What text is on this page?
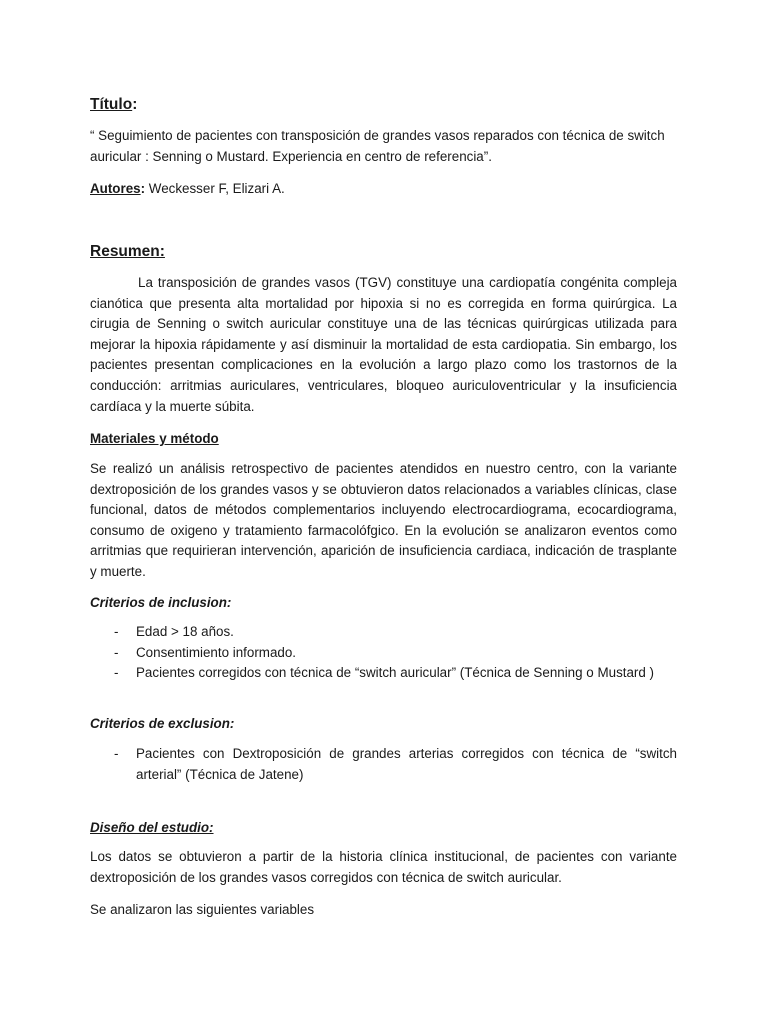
Título:
“ Seguimiento de pacientes con transposición de grandes vasos reparados con técnica de switch auricular : Senning o Mustard. Experiencia en centro de referencia”.
Autores: Weckesser F, Elizari A.
Resumen:

La transposición de grandes vasos (TGV) constituye una cardiopatía congénita compleja cianótica que presenta alta mortalidad por hipoxia si no es corregida en forma quirúrgica. La cirugia de Senning o switch auricular constituye una de las técnicas quirúrgicas utilizada para mejorar la hipoxia rápidamente y así disminuir la mortalidad de esta cardiopatia. Sin embargo, los pacientes presentan complicaciones en la evolución a largo plazo como los trastornos de la conducción: arritmias auriculares, ventriculares, bloqueo auriculoventricular y la insuficiencia cardíaca y la muerte súbita.

Materiales y método

Se realizó un análisis retrospectivo de pacientes atendidos en nuestro centro, con la variante dextroposición de los grandes vasos y se obtuvieron datos relacionados a variables clínicas, clase funcional, datos de métodos complementarios incluyendo electrocardiograma, ecocardiograma, consumo de oxigeno y tratamiento farmacolófgico. En la evolución se analizaron eventos como arritmias que requirieran intervención, aparición de insuficiencia cardiaca, indicación de trasplante y muerte.

Criterios de inclusion:
- Edad > 18 años.
- Consentimiento informado.
- Pacientes corregidos con técnica de “switch auricular” (Técnica de Senning o Mustard )
Criterios de exclusion:
- Pacientes con Dextroposición de grandes arterias corregidos con técnica de “switch arterial” (Técnica de Jatene)
Diseño del estudio:

Los datos se obtuvieron a partir de la historia clínica institucional, de pacientes con variante dextroposición de los grandes vasos corregidos con técnica de switch auricular.

Se analizaron las siguientes variables
